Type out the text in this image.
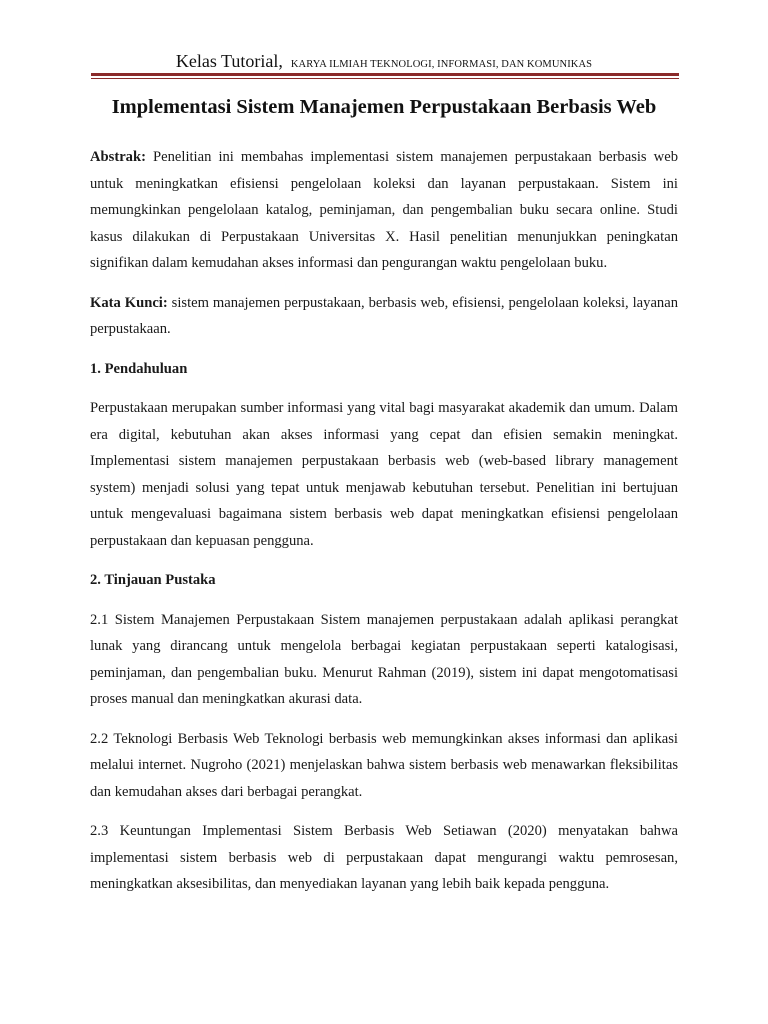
Kelas Tutorial, KARYA ILMIAH TEKNOLOGI, INFORMASI, DAN KOMUNIKAS
Implementasi Sistem Manajemen Perpustakaan Berbasis Web

Abstrak: Penelitian ini membahas implementasi sistem manajemen perpustakaan berbasis web untuk meningkatkan efisiensi pengelolaan koleksi dan layanan perpustakaan. Sistem ini memungkinkan pengelolaan katalog, peminjaman, dan pengembalian buku secara online. Studi kasus dilakukan di Perpustakaan Universitas X. Hasil penelitian menunjukkan peningkatan signifikan dalam kemudahan akses informasi dan pengurangan waktu pengelolaan buku.

Kata Kunci: sistem manajemen perpustakaan, berbasis web, efisiensi, pengelolaan koleksi, layanan perpustakaan.

1. Pendahuluan

Perpustakaan merupakan sumber informasi yang vital bagi masyarakat akademik dan umum. Dalam era digital, kebutuhan akan akses informasi yang cepat dan efisien semakin meningkat. Implementasi sistem manajemen perpustakaan berbasis web (web-based library management system) menjadi solusi yang tepat untuk menjawab kebutuhan tersebut. Penelitian ini bertujuan untuk mengevaluasi bagaimana sistem berbasis web dapat meningkatkan efisiensi pengelolaan perpustakaan dan kepuasan pengguna.

2. Tinjauan Pustaka

2.1 Sistem Manajemen Perpustakaan Sistem manajemen perpustakaan adalah aplikasi perangkat lunak yang dirancang untuk mengelola berbagai kegiatan perpustakaan seperti katalogisasi, peminjaman, dan pengembalian buku. Menurut Rahman (2019), sistem ini dapat mengotomatisasi proses manual dan meningkatkan akurasi data.

2.2 Teknologi Berbasis Web Teknologi berbasis web memungkinkan akses informasi dan aplikasi melalui internet. Nugroho (2021) menjelaskan bahwa sistem berbasis web menawarkan fleksibilitas dan kemudahan akses dari berbagai perangkat.

2.3 Keuntungan Implementasi Sistem Berbasis Web Setiawan (2020) menyatakan bahwa implementasi sistem berbasis web di perpustakaan dapat mengurangi waktu pemrosesan, meningkatkan aksesibilitas, dan menyediakan layanan yang lebih baik kepada pengguna.
